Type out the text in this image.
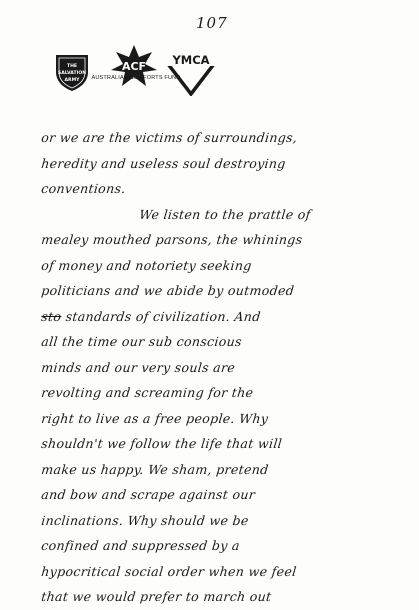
107
THE
SALVATION
ARMY
ACF
AUSTRALIAN COMFORTS FUND
YMCA
or we are the victims of surroundings,
heredity and useless soul destroying
conventions.
We listen to the prattle of
mealey mouthed parsons, the whinings
of money and notoriety seeking
politicians and we abide by outmoded
sto standards of civilization. And
all the time our sub conscious
minds and our very souls are
revolting and screaming for the
right to live as a free people. Why
shouldn't we follow the life that will
make us happy. We sham, pretend
and bow and scrape against our
inclinations. Why should we be
confined and suppressed by a
hypocritical social order when we feel
that we would prefer to march out
